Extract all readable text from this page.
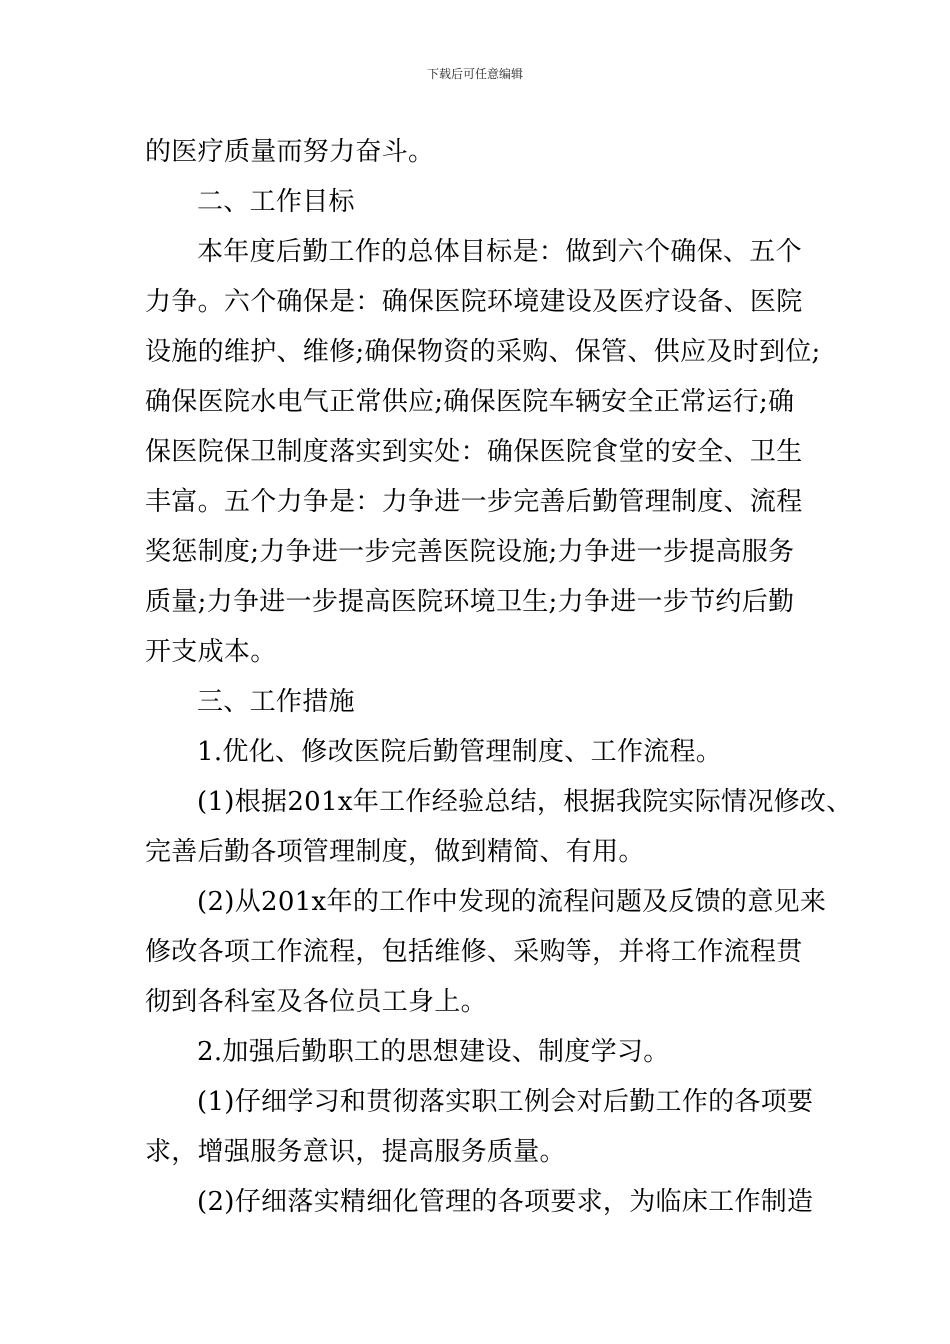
下载后可任意编辑
的医疗质量而努力奋斗。
二、工作目标
本年度后勤工作的总体目标是：做到六个确保、五个
力争。六个确保是：确保医院环境建设及医疗设备、医院
设施的维护、维修;确保物资的采购、保管、供应及时到位;
确保医院水电气正常供应;确保医院车辆安全正常运行;确
保医院保卫制度落实到实处：确保医院食堂的安全、卫生
丰富。五个力争是：力争进一步完善后勤管理制度、流程
奖惩制度;力争进一步完善医院设施;力争进一步提高服务
质量;力争进一步提高医院环境卫生;力争进一步节约后勤
开支成本。
三、工作措施
1.优化、修改医院后勤管理制度、工作流程。
(1)根据201x年工作经验总结，根据我院实际情况修改、
完善后勤各项管理制度，做到精简、有用。
(2)从201x年的工作中发现的流程问题及反馈的意见来
修改各项工作流程，包括维修、采购等，并将工作流程贯
彻到各科室及各位员工身上。
2.加强后勤职工的思想建设、制度学习。
(1)仔细学习和贯彻落实职工例会对后勤工作的各项要
求，增强服务意识，提高服务质量。
(2)仔细落实精细化管理的各项要求，为临床工作制造
